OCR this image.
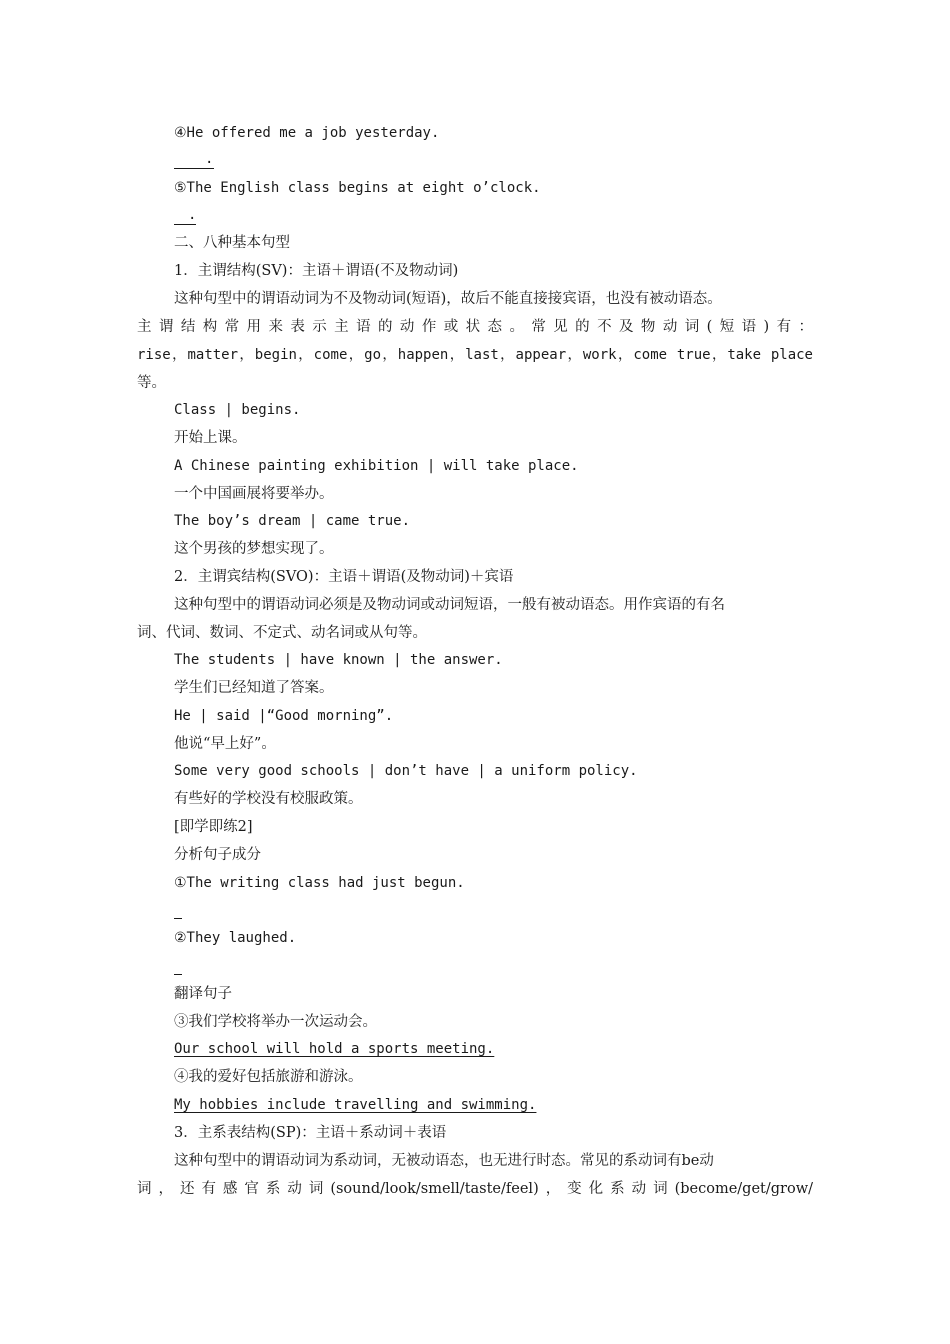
④He offered me a job yesterday.
.
⑤The English class begins at eight o’clock.
.
二、八种基本句型
1．主谓结构(SV)：主语＋谓语(不及物动词)
这种句型中的谓语动词为不及物动词(短语)，故后不能直接接宾语，也没有被动语态。
主谓结构常用来表示主语的动作或状态。常见的不及物动词(短语)有：
rise，matter，begin，come，go，happen，last，appear，work，come true，take place
等。
Class | begins.
开始上课。
A Chinese painting exhibition | will take place.
一个中国画展将要举办。
The boy’s dream | came true.
这个男孩的梦想实现了。
2．主谓宾结构(SVO)：主语＋谓语(及物动词)＋宾语
这种句型中的谓语动词必须是及物动词或动词短语，一般有被动语态。用作宾语的有名
词、代词、数词、不定式、动名词或从句等。
The students | have known | the answer.
学生们已经知道了答案。
He | said |“Good morning”.
他说“早上好”。
Some very good schools | don’t have | a uniform policy.
有些好的学校没有校服政策。
[即学即练2]
分析句子成分
①The writing class had just begun.
②They laughed.
翻译句子
③我们学校将举办一次运动会。
Our school will hold a sports meeting.
④我的爱好包括旅游和游泳。
My hobbies include travelling and swimming.
3．主系表结构(SP)：主语＋系动词＋表语
这种句型中的谓语动词为系动词，无被动语态，也无进行时态。常见的系动词有be动
词，还有感官系动词(sound/look/smell/taste/feel)，变化系动词(become/get/grow/
